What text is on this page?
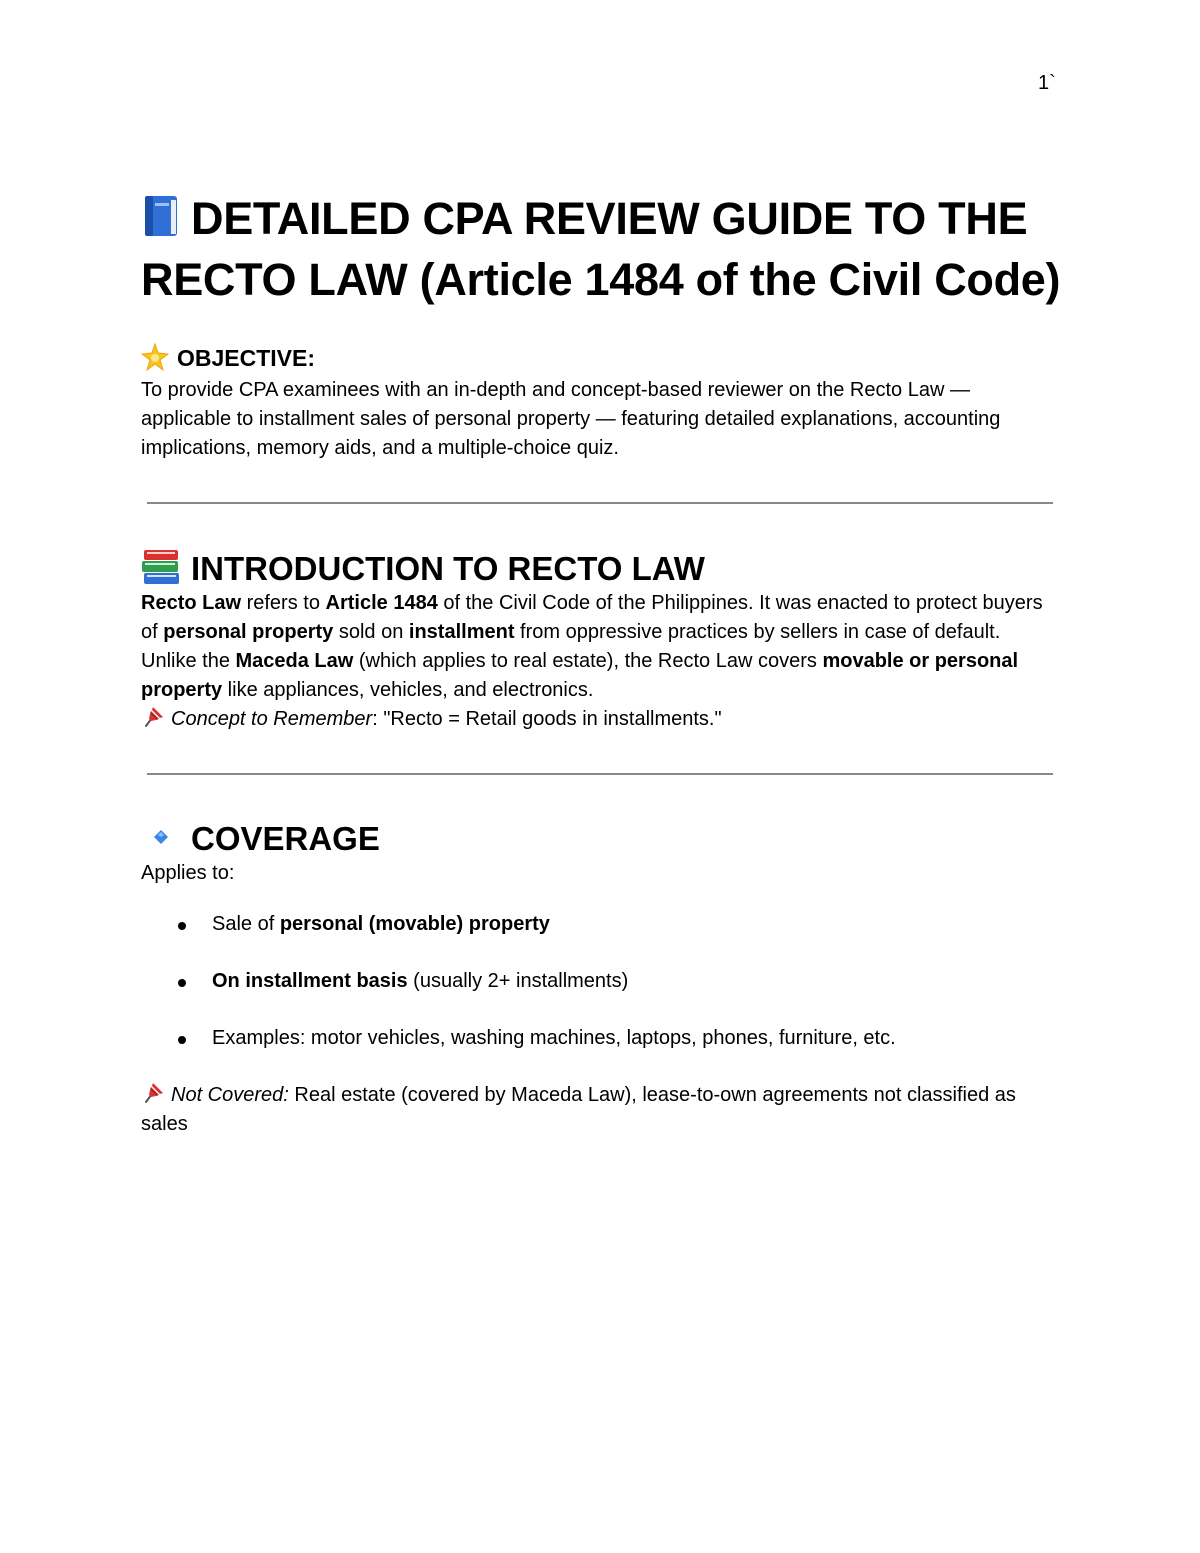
1`
DETAILED CPA REVIEW GUIDE TO THE RECTO LAW (Article 1484 of the Civil Code)
OBJECTIVE:

To provide CPA examinees with an in-depth and concept-based reviewer on the Recto Law — applicable to installment sales of personal property — featuring detailed explanations, accounting implications, memory aids, and a multiple-choice quiz.

INTRODUCTION TO RECTO LAW

Recto Law refers to Article 1484 of the Civil Code of the Philippines. It was enacted to protect buyers of personal property sold on installment from oppressive practices by sellers in case of default.

Unlike the Maceda Law (which applies to real estate), the Recto Law covers movable or personal property like appliances, vehicles, and electronics.

Concept to Remember: "Recto = Retail goods in installments."

COVERAGE

Applies to:

Sale of personal (movable) property
On installment basis (usually 2+ installments)
Examples: motor vehicles, washing machines, laptops, phones, furniture, etc.

Not Covered: Real estate (covered by Maceda Law), lease-to-own agreements not classified as sales
